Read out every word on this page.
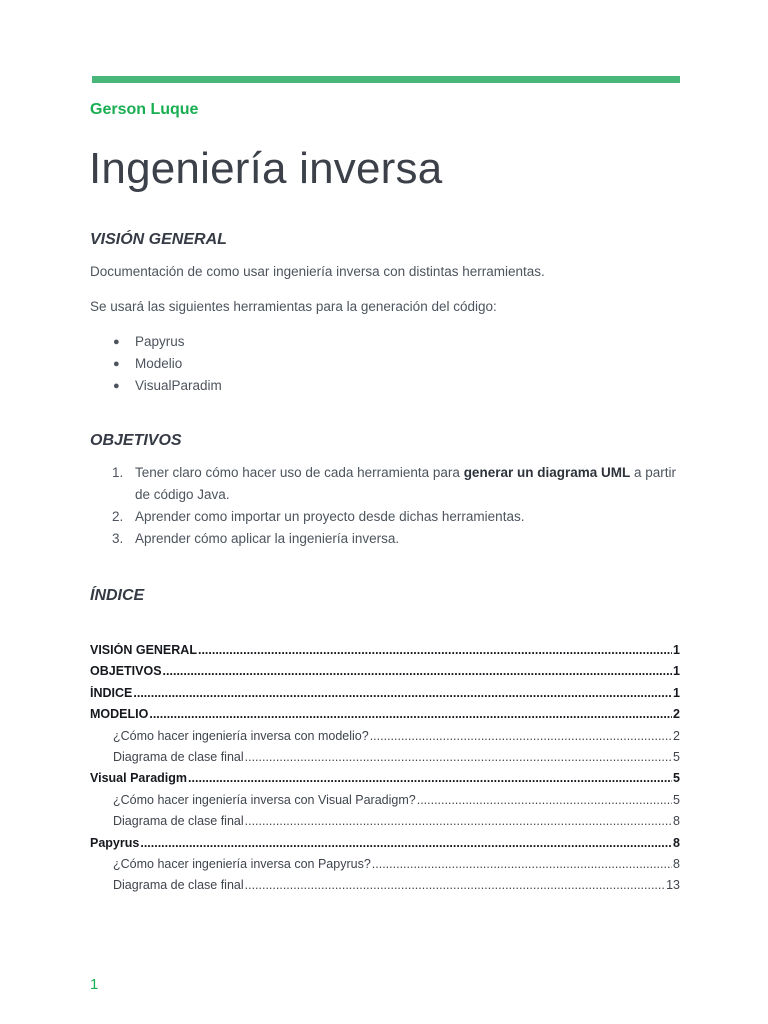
Gerson Luque
Ingeniería inversa
VISIÓN GENERAL

Documentación de como usar ingeniería inversa con distintas herramientas.

Se usará las siguientes herramientas para la generación del código:

● Papyrus
● Modelio
● VisualParadim
OBJETIVOS
1. Tener claro cómo hacer uso de cada herramienta para generar un diagrama UML a partir de código Java.
2. Aprender como importar un proyecto desde dichas herramientas.
3. Aprender cómo aplicar la ingeniería inversa.
ÍNDICE
VISIÓN GENERAL .....	1
OBJETIVOS .....	1
ÍNDICE .....	1
MODELIO .....	2
¿Cómo hacer ingeniería inversa con modelio? .....	2
Diagrama de clase final .....	5
Visual Paradigm .....	5
¿Cómo hacer ingeniería inversa con Visual Paradigm? .....	5
Diagrama de clase final .....	8
Papyrus .....	8
¿Cómo hacer ingeniería inversa con Papyrus? .....	8
Diagrama de clase final .....	13
1
